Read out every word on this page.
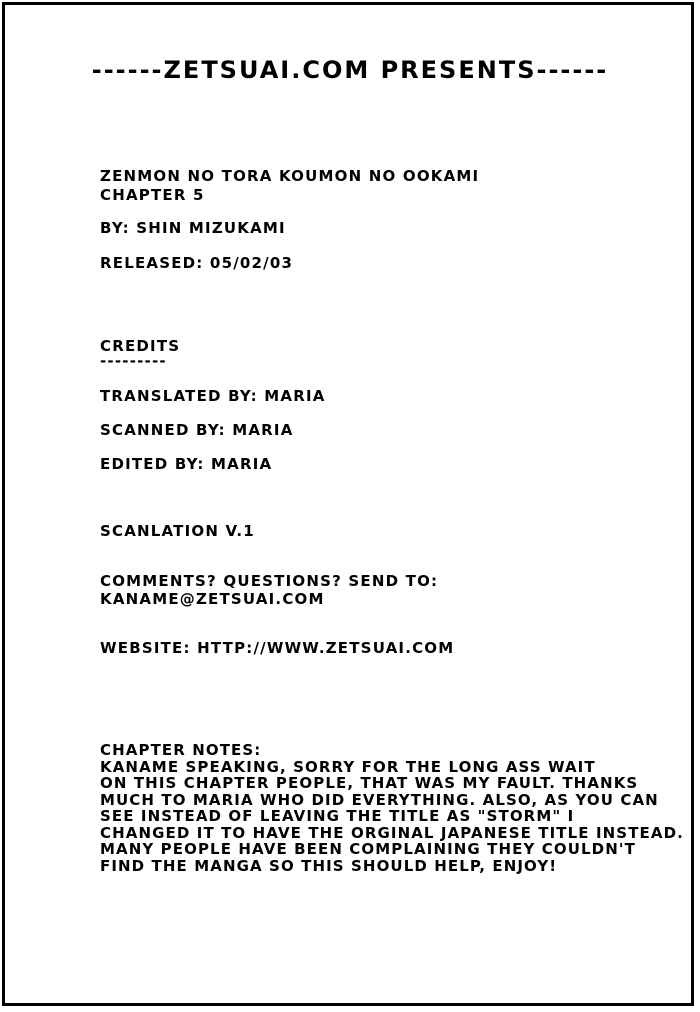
------ZETSUAI.COM PRESENTS------
ZENMON NO TORA KOUMON NO OOKAMI
CHAPTER 5
BY: SHIN MIZUKAMI
RELEASED: 05/02/03
CREDITS
---------
TRANSLATED BY: MARIA
SCANNED BY: MARIA
EDITED BY: MARIA
SCANLATION V.1
COMMENTS? QUESTIONS? SEND TO:
KANAME@ZETSUAI.COM
WEBSITE: HTTP://WWW.ZETSUAI.COM
CHAPTER NOTES:
KANAME SPEAKING, SORRY FOR THE LONG ASS WAIT
ON THIS CHAPTER PEOPLE, THAT WAS MY FAULT. THANKS
MUCH TO MARIA WHO DID EVERYTHING. ALSO, AS YOU CAN
SEE INSTEAD OF LEAVING THE TITLE AS "STORM" I
CHANGED IT TO HAVE THE ORGINAL JAPANESE TITLE INSTEAD.
MANY PEOPLE HAVE BEEN COMPLAINING THEY COULDN'T
FIND THE MANGA SO THIS SHOULD HELP, ENJOY!
